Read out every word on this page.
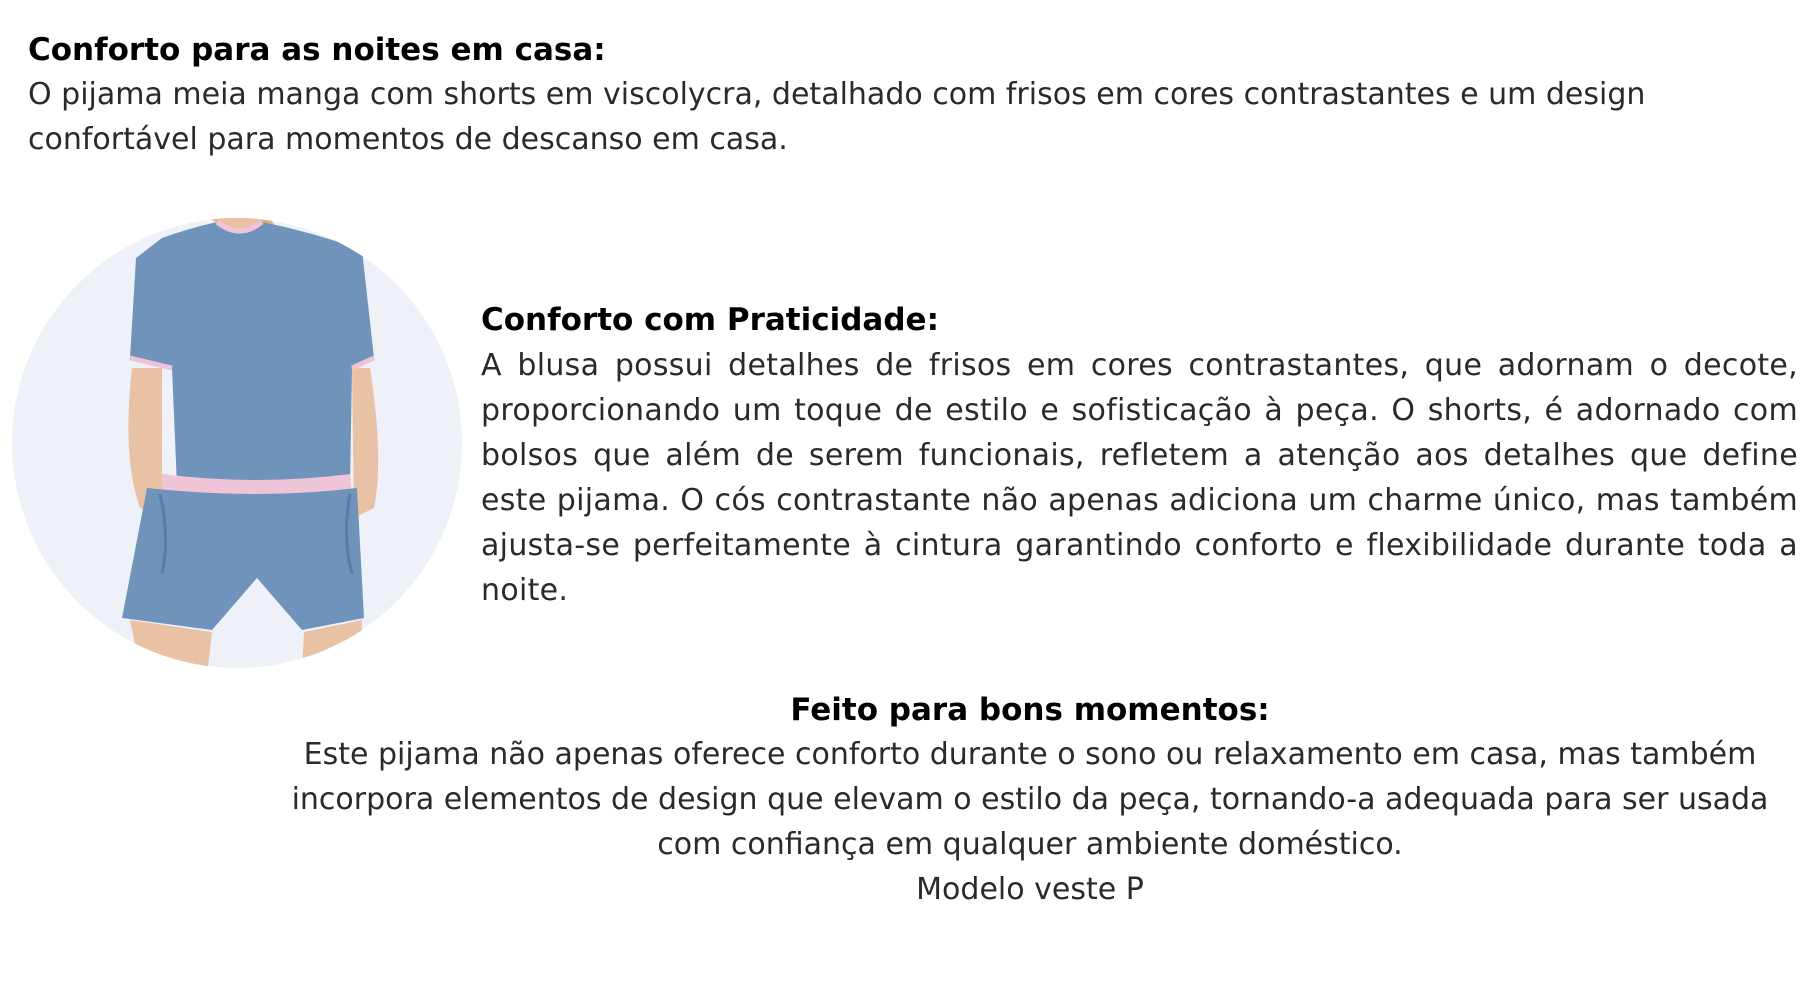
Conforto para as noites em casa:
O pijama meia manga com shorts em viscolycra, detalhado com frisos em cores contrastantes e um design confortável para momentos de descanso em casa.
Conforto com Praticidade:
A blusa possui detalhes de frisos em cores contrastantes, que adornam o decote, proporcionando um toque de estilo e sofisticação à peça. O shorts, é adornado com bolsos que além de serem funcionais, refletem a atenção aos detalhes que define este pijama. O cós contrastante não apenas adiciona um charme único, mas também ajusta-se perfeitamente à cintura garantindo conforto e flexibilidade durante toda a noite.
Feito para bons momentos:
Este pijama não apenas oferece conforto durante o sono ou relaxamento em casa, mas também incorpora elementos de design que elevam o estilo da peça, tornando-a adequada para ser usada com confiança em qualquer ambiente doméstico.
Modelo veste P
